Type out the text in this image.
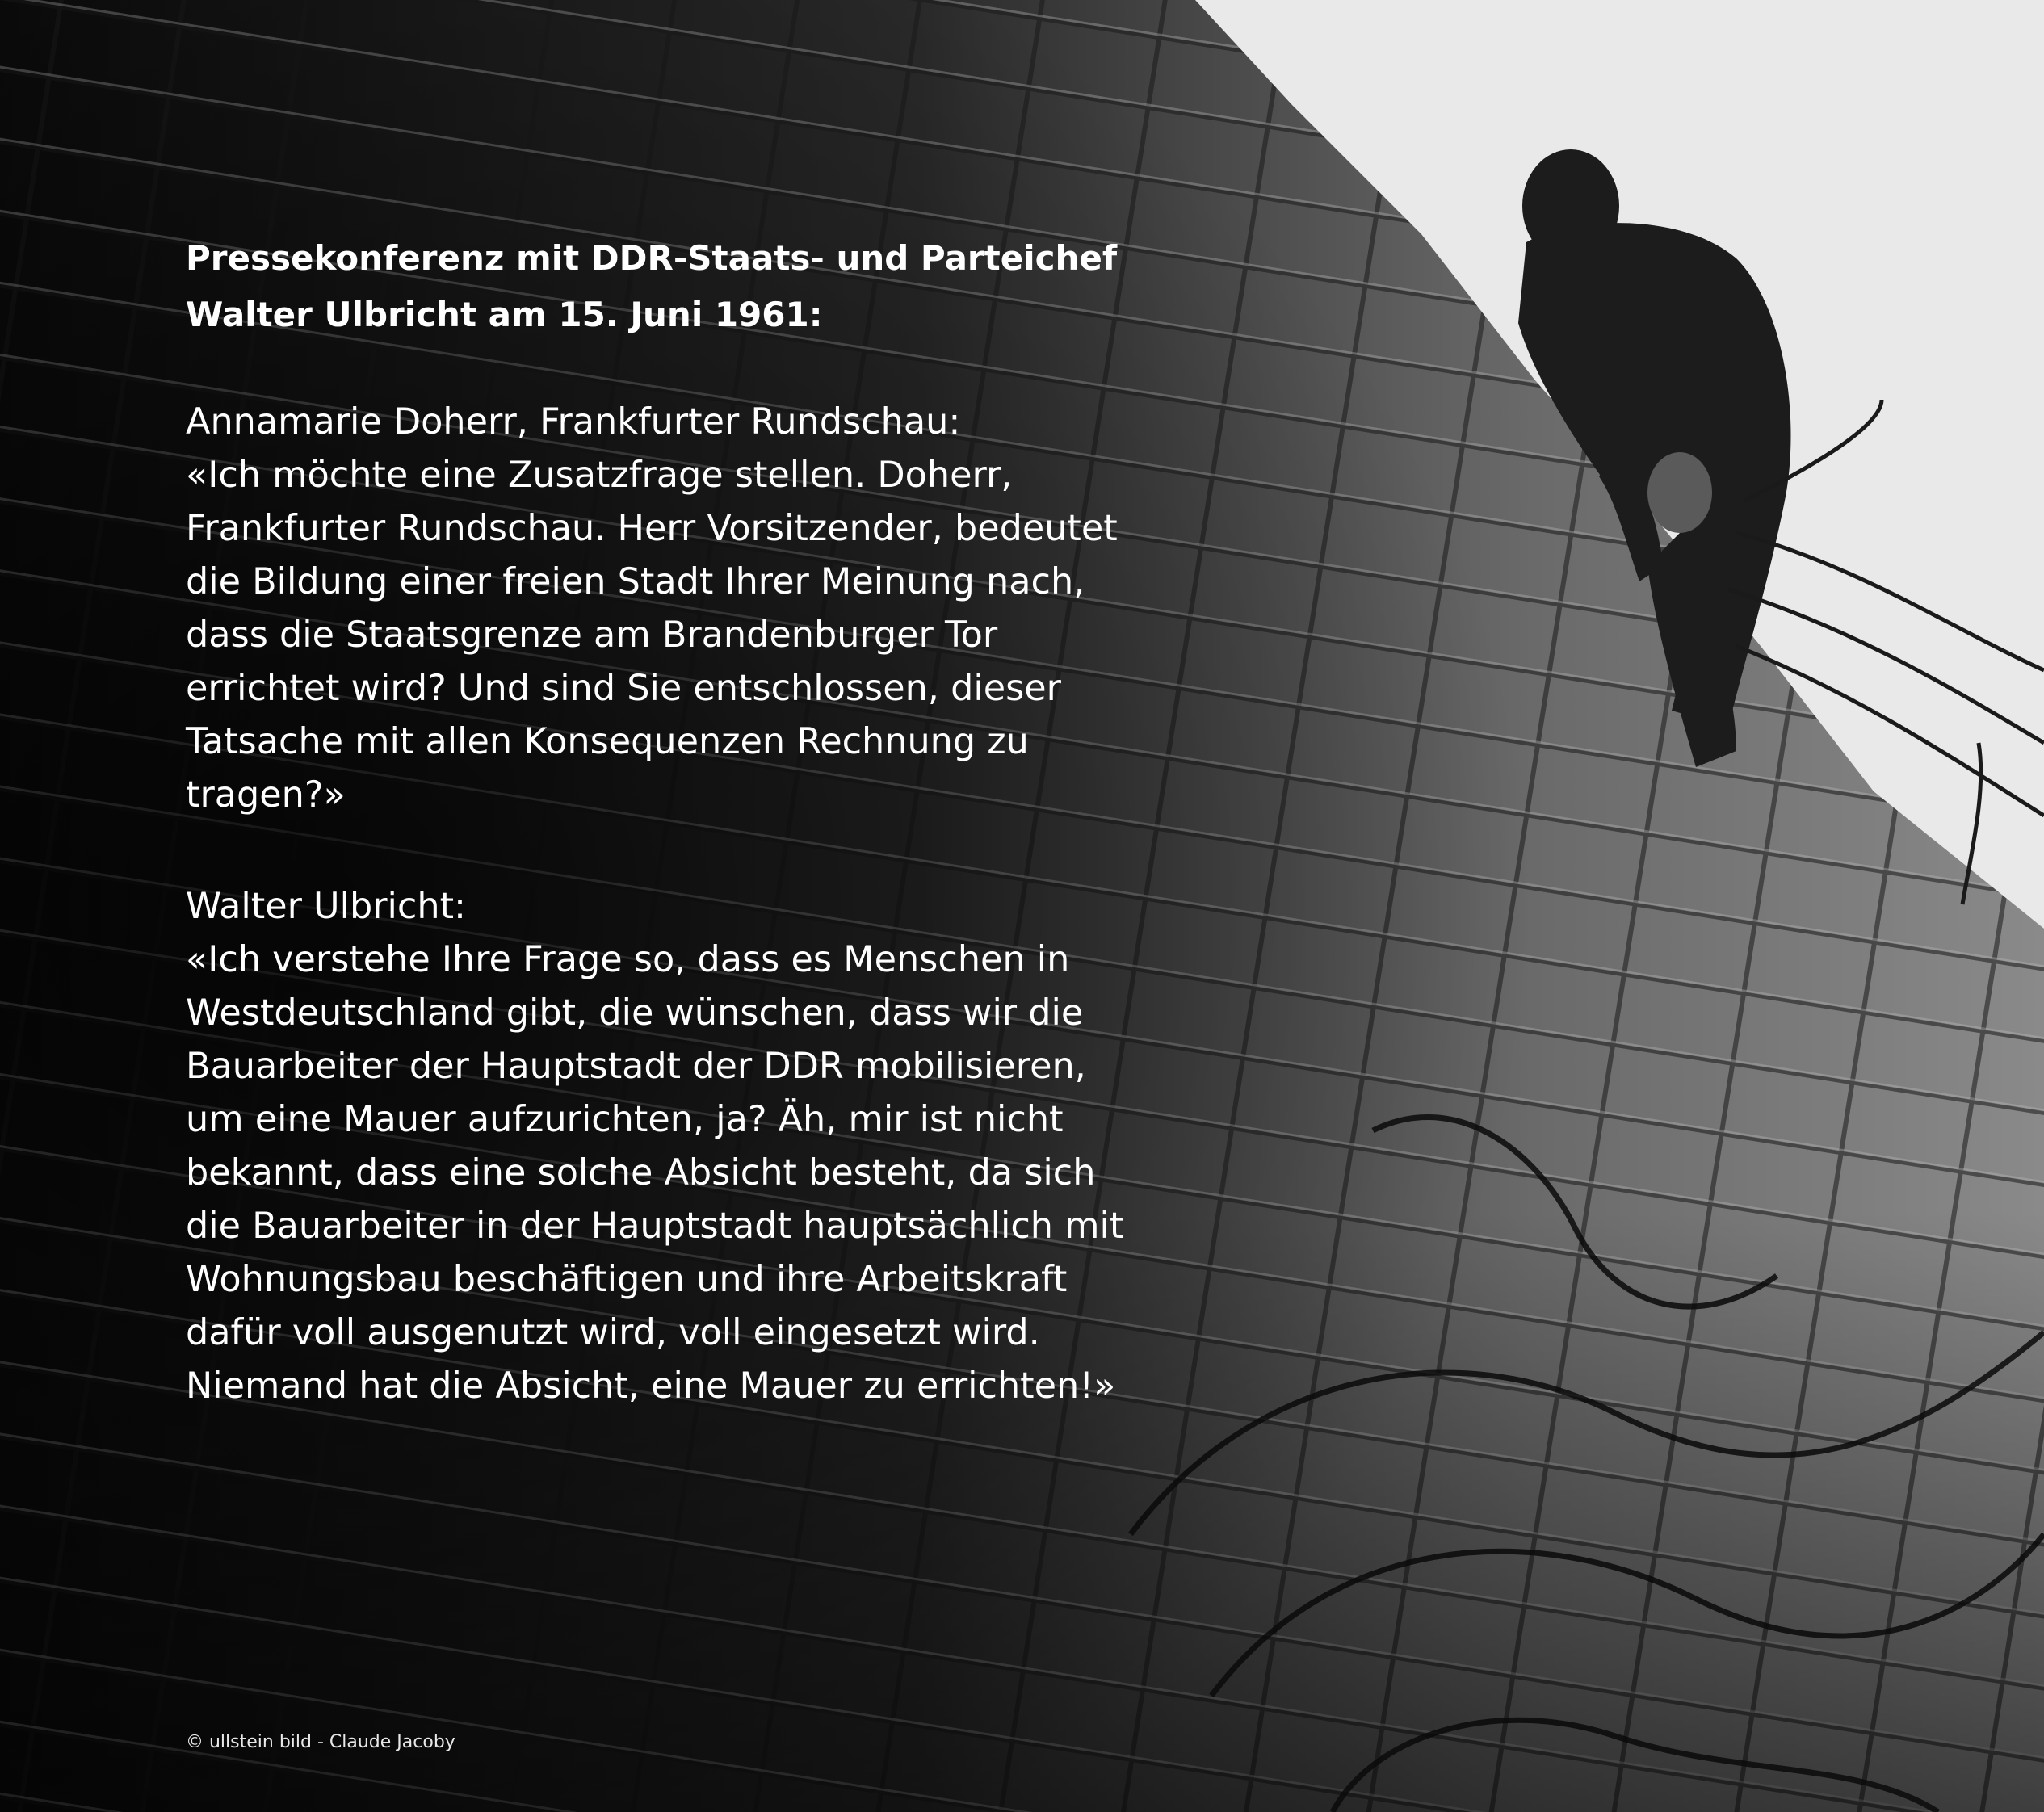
Pressekonferenz mit DDR-Staats- und Parteichef
Walter Ulbricht am 15. Juni 1961:
Annamarie Doherr, Frankfurter Rundschau:
«Ich möchte eine Zusatzfrage stellen. Doherr,
Frankfurter Rundschau. Herr Vorsitzender, bedeutet
die Bildung einer freien Stadt Ihrer Meinung nach,
dass die Staatsgrenze am Brandenburger Tor
errichtet wird? Und sind Sie entschlossen, dieser
Tatsache mit allen Konsequenzen Rechnung zu
tragen?»
Walter Ulbricht:
«Ich verstehe Ihre Frage so, dass es Menschen in
Westdeutschland gibt, die wünschen, dass wir die
Bauarbeiter der Hauptstadt der DDR mobilisieren,
um eine Mauer aufzurichten, ja? Äh, mir ist nicht
bekannt, dass eine solche Absicht besteht, da sich
die Bauarbeiter in der Hauptstadt hauptsächlich mit
Wohnungsbau beschäftigen und ihre Arbeitskraft
dafür voll ausgenutzt wird, voll eingesetzt wird.
Niemand hat die Absicht, eine Mauer zu errichten!»
© ullstein bild - Claude Jacoby
